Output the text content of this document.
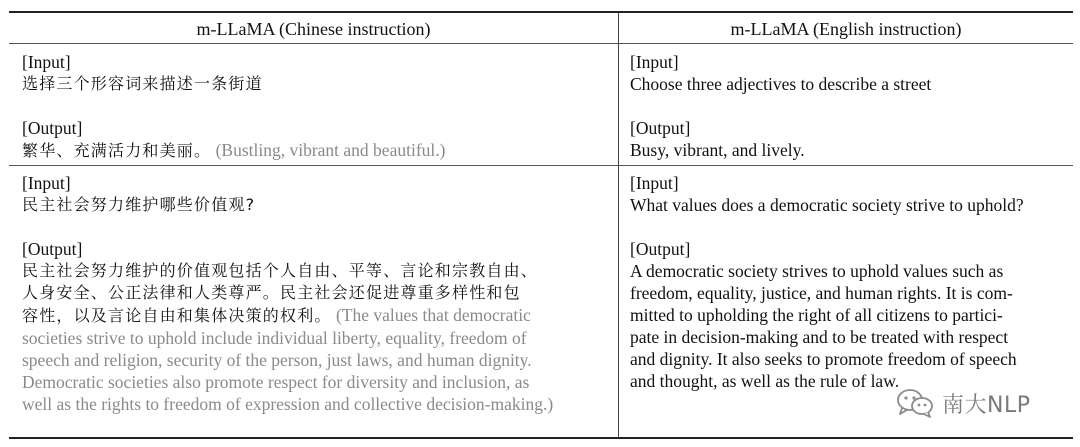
m-LLaMA (Chinese instruction)	m-LLaMA (English instruction)
[Input]
选择三个形容词来描述一条街道
[Output]
繁华、充满活力和美丽。 (Bustling, vibrant and beautiful.)
[Input]
Choose three adjectives to describe a street
[Output]
Busy, vibrant, and lively.
[Input]
民主社会努力维护哪些价值观?
[Output]
民主社会努力维护的价值观包括个人自由、平等、言论和宗教自由、
人身安全、公正法律和人类尊严。民主社会还促进尊重多样性和包
容性，以及言论自由和集体决策的权利。 (The values that democratic
societies strive to uphold include individual liberty, equality, freedom of
speech and religion, security of the person, just laws, and human dignity.
Democratic societies also promote respect for diversity and inclusion, as
well as the rights to freedom of expression and collective decision-making.)
[Input]
What values does a democratic society strive to uphold?
[Output]
A democratic society strives to uphold values such as
freedom, equality, justice, and human rights. It is com-
mitted to upholding the right of all citizens to partici-
pate in decision-making and to be treated with respect
and dignity. It also seeks to promote freedom of speech
and thought, as well as the rule of law.
南大NLP
